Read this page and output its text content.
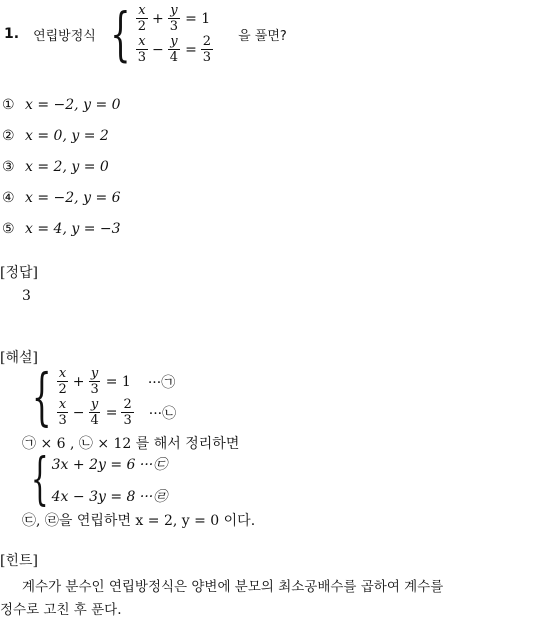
1. 연립방정식 { $\frac{x}{2} + \frac{y}{3} = 1$
$\frac{x}{3} - \frac{y}{4} = \frac{2}{3}$ 을 풀면?
① x = −2, y = 0
② x = 0, y = 2
③ x = 2, y = 0
④ x = −2, y = 6
⑤ x = 4, y = −3
[정답]
3
[해설]
{ $\frac{x}{2} + \frac{y}{3} = 1$ ···㉠
$\frac{x}{3} - \frac{y}{4} = \frac{2}{3}$ ···㉡
㉠ × 6 , ㉡ × 12 를 해서 정리하면
{ 3x + 2y = 6 ···㉢
4x − 3y = 8 ···㉣
㉢, ㉣을 연립하면 x = 2, y = 0 이다.
[힌트]
계수가 분수인 연립방정식은 양변에 분모의 최소공배수를 곱하여 계수를
정수로 고친 후 푼다.
